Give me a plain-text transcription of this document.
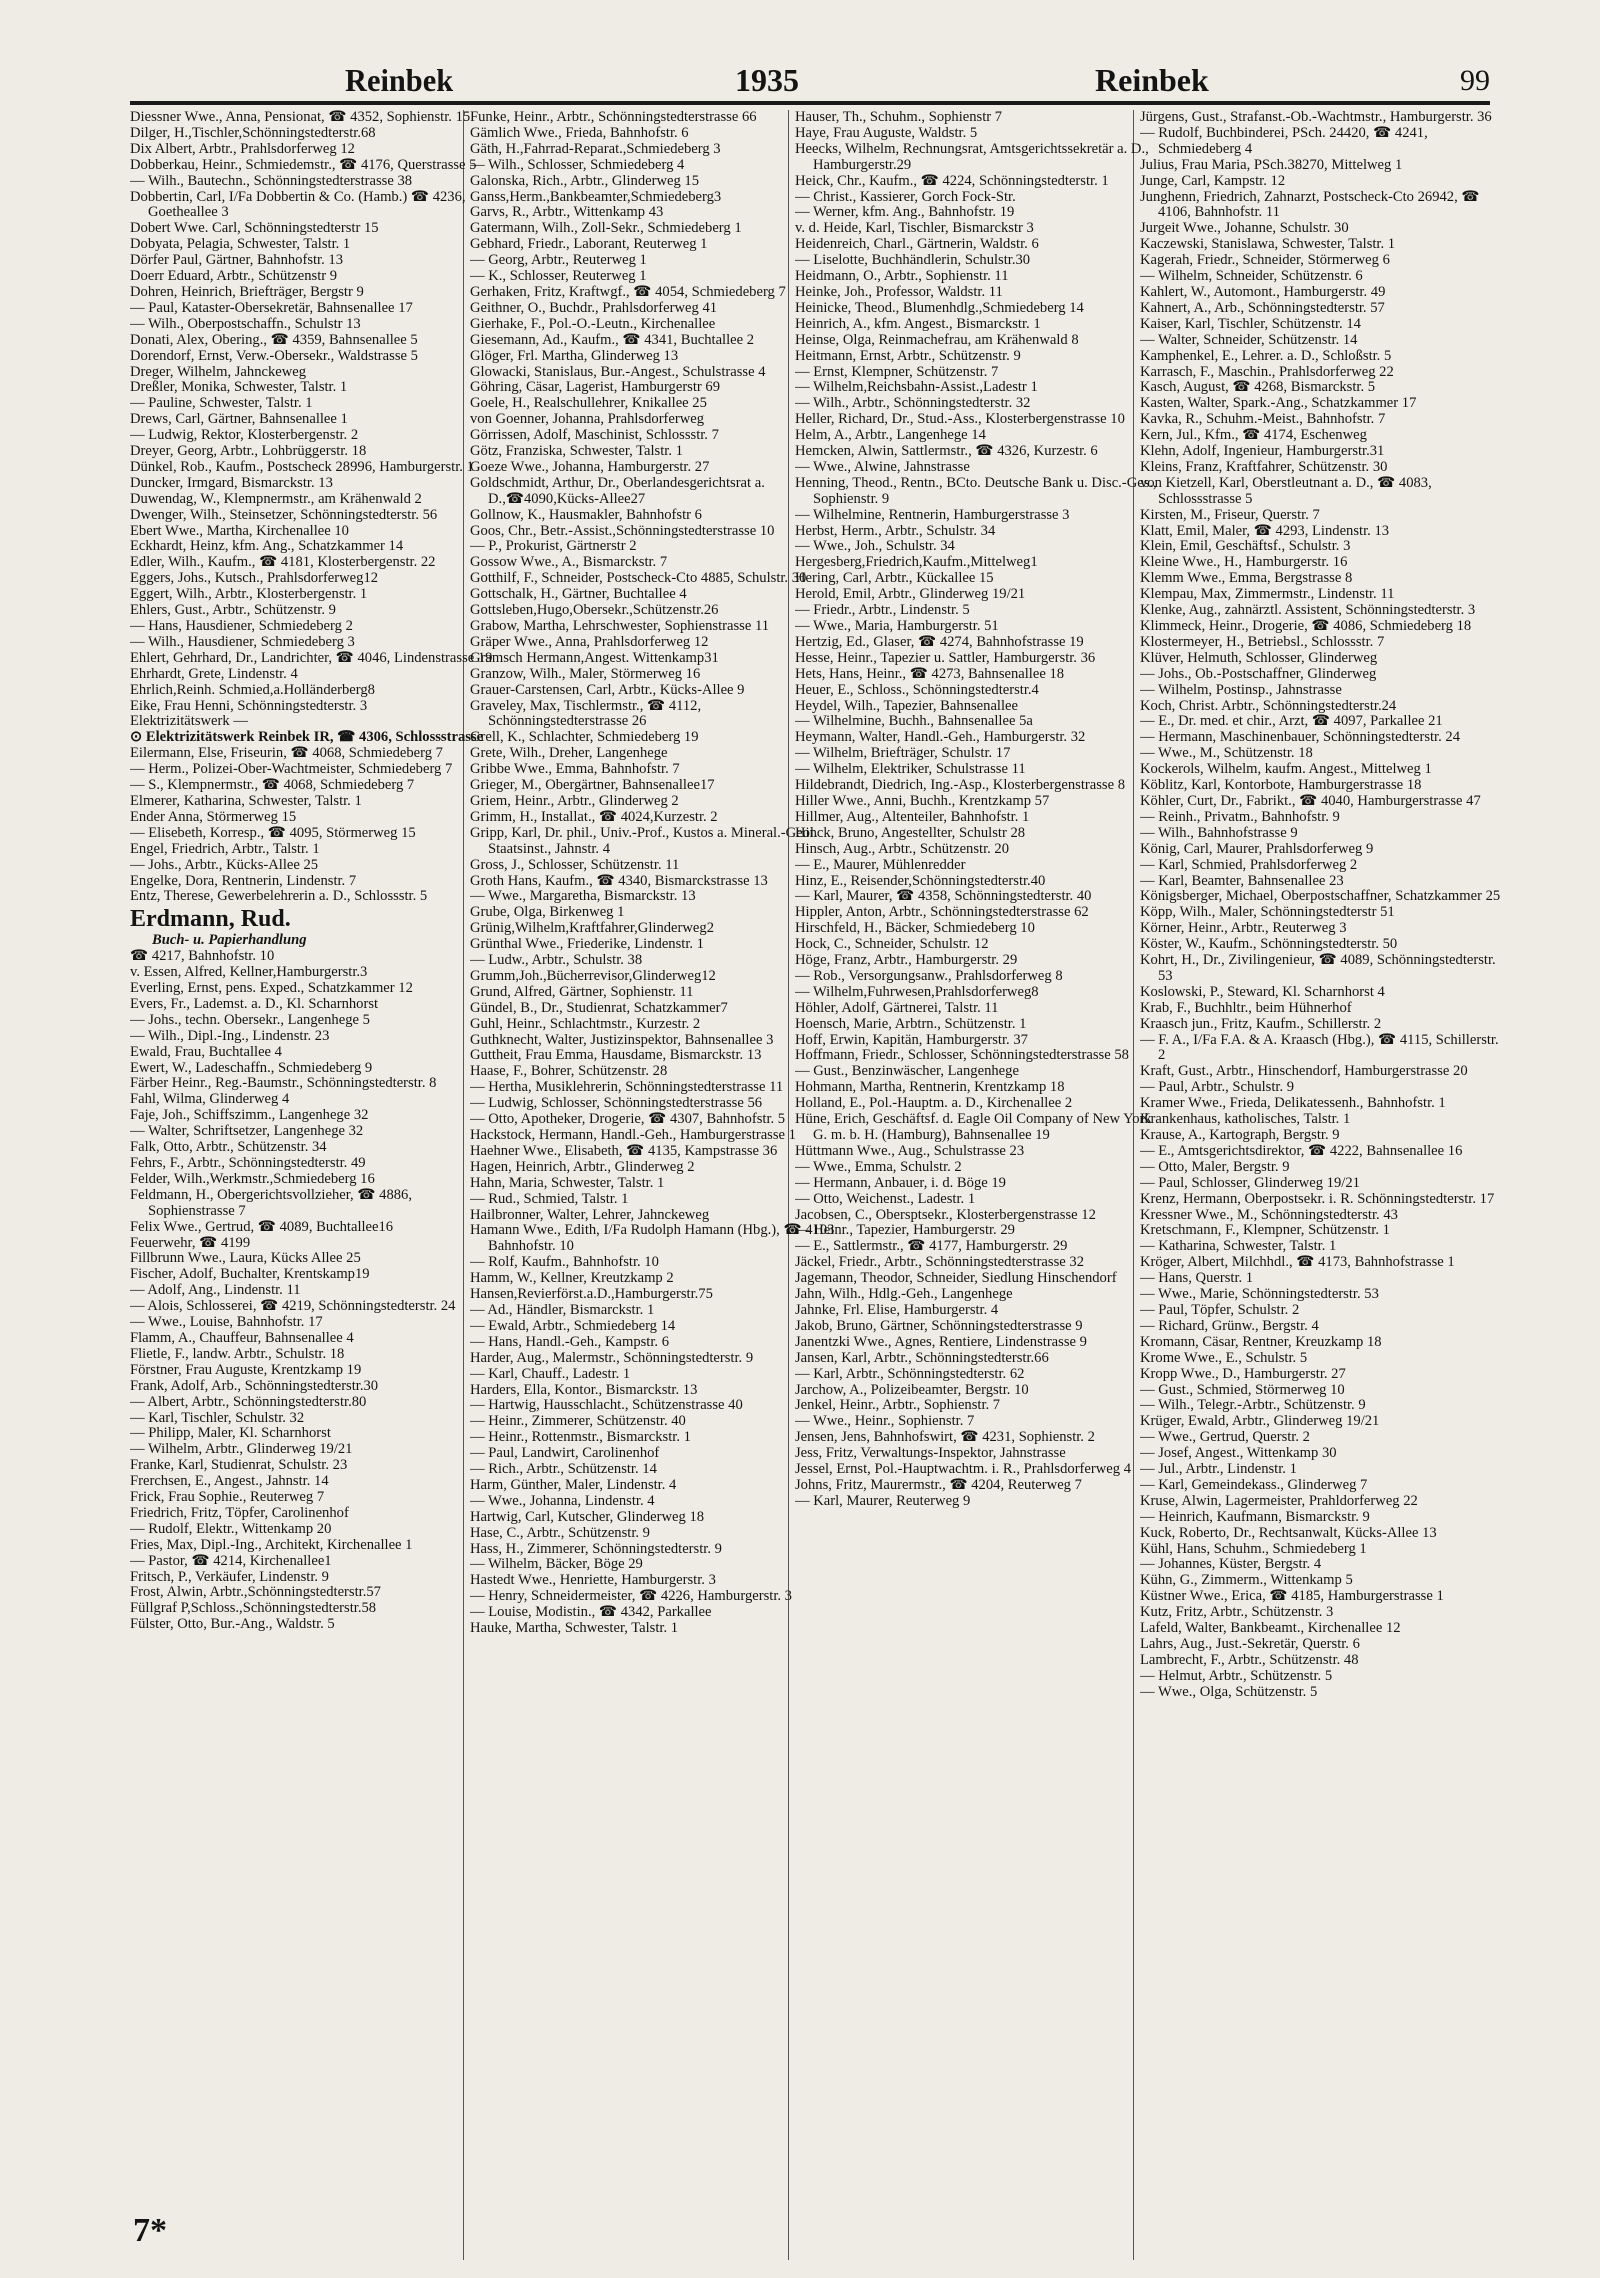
Reinbek	1935	Reinbek	99
Diessner Wwe., Anna, Pensionat, ☎ 4352, Sophienstr. 15
Dilger, H.,Tischler,Schönningstedterstr.68
Dix Albert, Arbtr., Prahlsdorferweg 12
Dobberkau, Heinr., Schmiedemstr., ☎ 4176, Querstrasse 5
— Wilh., Bautechn., Schönningstedterstrasse 38
Dobbertin, Carl, I/Fa Dobbertin & Co. (Hamb.) ☎ 4236, Goetheallee 3
Dobert Wwe. Carl, Schönningstedterstr 15
Dobyata, Pelagia, Schwester, Talstr. 1
Dörfer Paul, Gärtner, Bahnhofstr. 13
Doerr Eduard, Arbtr., Schützenstr 9
Dohren, Heinrich, Briefträger, Bergstr 9
— Paul, Kataster-Obersekretär, Bahnsenallee 17
— Wilh., Oberpostschaffn., Schulstr 13
Donati, Alex, Obering., ☎ 4359, Bahnsenallee 5
Dorendorf, Ernst, Verw.-Obersekr., Waldstrasse 5
Dreger, Wilhelm, Jahnckeweg
Dreßler, Monika, Schwester, Talstr. 1
— Pauline, Schwester, Talstr. 1
Drews, Carl, Gärtner, Bahnsenallee 1
— Ludwig, Rektor, Klosterbergenstr. 2
Dreyer, Georg, Arbtr., Lohbrüggerstr. 18
Dünkel, Rob., Kaufm., Postscheck 28996, Hamburgerstr. 1
Duncker, Irmgard, Bismarckstr. 13
Duwendag, W., Klempnermstr., am Krähenwald 2
Dwenger, Wilh., Steinsetzer, Schönningstedterstr. 56
Ebert Wwe., Martha, Kirchenallee 10
Eckhardt, Heinz, kfm. Ang., Schatzkammer 14
Edler, Wilh., Kaufm., ☎ 4181, Klosterbergenstr. 22
Eggers, Johs., Kutsch., Prahlsdorferweg12
Eggert, Wilh., Arbtr., Klosterbergenstr. 1
Ehlers, Gust., Arbtr., Schützenstr. 9
— Hans, Hausdiener, Schmiedeberg 2
— Wilh., Hausdiener, Schmiedeberg 3
Ehlert, Gehrhard, Dr., Landrichter, ☎ 4046, Lindenstrasse 19
Ehrhardt, Grete, Lindenstr. 4
Ehrlich,Reinh. Schmied,a.Holländerberg8
Eike, Frau Henni, Schönningstedterstr. 3
Elektrizitätswerk —
⊙ Elektrizitätswerk Reinbek IR, ☎ 4306, Schlossstrasse
Eilermann, Else, Friseurin, ☎ 4068, Schmiedeberg 7
— Herm., Polizei-Ober-Wachtmeister, Schmiedeberg 7
— S., Klempnermstr., ☎ 4068, Schmiedeberg 7
Elmerer, Katharina, Schwester, Talstr. 1
Ender Anna, Störmerweg 15
— Elisebeth, Korresp., ☎ 4095, Störmerweg 15
Engel, Friedrich, Arbtr., Talstr. 1
— Johs., Arbtr., Kücks-Allee 25
Engelke, Dora, Rentnerin, Lindenstr. 7
Entz, Therese, Gewerbelehrerin a. D., Schlossstr. 5
Erdmann, Rud.
Buch- u. Papierhandlung
☎ 4217, Bahnhofstr. 10
v. Essen, Alfred, Kellner,Hamburgerstr.3
Everling, Ernst, pens. Exped., Schatzkammer 12
Evers, Fr., Lademst. a. D., Kl. Scharnhorst
— Johs., techn. Obersekr., Langenhege 5
— Wilh., Dipl.-Ing., Lindenstr. 23
Ewald, Frau, Buchtallee 4
Ewert, W., Ladeschaffn., Schmiedeberg 9
Färber Heinr., Reg.-Baumstr., Schönningstedterstr. 8
Fahl, Wilma, Glinderweg 4
Faje, Joh., Schiffszimm., Langenhege 32
— Walter, Schriftsetzer, Langenhege 32
Falk, Otto, Arbtr., Schützenstr. 34
Fehrs, F., Arbtr., Schönningstedterstr. 49
Felder, Wilh.,Werkmstr.,Schmiedeberg 16
Feldmann, H., Obergerichtsvollzieher, ☎ 4886, Sophienstrasse 7
Felix Wwe., Gertrud, ☎ 4089, Buchtallee16
Feuerwehr, ☎ 4199
Fillbrunn Wwe., Laura, Kücks Allee 25
Fischer, Adolf, Buchalter, Krentskamp19
— Adolf, Ang., Lindenstr. 11
— Alois, Schlosserei, ☎ 4219, Schönningstedterstr. 24
— Wwe., Louise, Bahnhofstr. 17
Flamm, A., Chauffeur, Bahnsenallee 4
Flietle, F., landw. Arbtr., Schulstr. 18
Förstner, Frau Auguste, Krentzkamp 19
Frank, Adolf, Arb., Schönningstedterstr.30
— Albert, Arbtr., Schönningstedterstr.80
— Karl, Tischler, Schulstr. 32
— Philipp, Maler, Kl. Scharnhorst
— Wilhelm, Arbtr., Glinderweg 19/21
Franke, Karl, Studienrat, Schulstr. 23
Frerchsen, E., Angest., Jahnstr. 14
Frick, Frau Sophie., Reuterweg 7
Friedrich, Fritz, Töpfer, Carolinenhof
— Rudolf, Elektr., Wittenkamp 20
Fries, Max, Dipl.-Ing., Architekt, Kirchenallee 1
— Pastor, ☎ 4214, Kirchenallee1
Fritsch, P., Verkäufer, Lindenstr. 9
Frost, Alwin, Arbtr.,Schönningstedterstr.57
Füllgraf P,Schloss.,Schönningstedterstr.58
Fülster, Otto, Bur.-Ang., Waldstr. 5
Funke, Heinr., Arbtr., Schönningstedterstrasse 66
Gämlich Wwe., Frieda, Bahnhofstr. 6
Gäth, H.,Fahrrad-Reparat.,Schmiedeberg 3
— Wilh., Schlosser, Schmiedeberg 4
Galonska, Rich., Arbtr., Glinderweg 15
Ganss,Herm.,Bankbeamter,Schmiedeberg3
Garvs, R., Arbtr., Wittenkamp 43
Gatermann, Wilh., Zoll-Sekr., Schmiedeberg 1
Gebhard, Friedr., Laborant, Reuterweg 1
— Georg, Arbtr., Reuterweg 1
— K., Schlosser, Reuterweg 1
Gerhaken, Fritz, Kraftwgf., ☎ 4054, Schmiedeberg 7
Geithner, O., Buchdr., Prahlsdorferweg 41
Gierhake, F., Pol.-O.-Leutn., Kirchenallee
Giesemann, Ad., Kaufm., ☎ 4341, Buchtallee 2
Glöger, Frl. Martha, Glinderweg 13
Glowacki, Stanislaus, Bur.-Angest., Schulstrasse 4
Göhring, Cäsar, Lagerist, Hamburgerstr 69
Goele, H., Realschullehrer, Knikallee 25
von Goenner, Johanna, Prahlsdorferweg
Görrissen, Adolf, Maschinist, Schlossstr. 7
Götz, Franziska, Schwester, Talstr. 1
Goeze Wwe., Johanna, Hamburgerstr. 27
Goldschmidt, Arthur, Dr., Oberlandesgerichtsrat a. D.,☎4090,Kücks-Allee27
Gollnow, K., Hausmakler, Bahnhofstr 6
Goos, Chr., Betr.-Assist.,Schönningstedterstrasse 10
— P., Prokurist, Gärtnerstr 2
Gossow Wwe., A., Bismarckstr. 7
Gotthilf, F., Schneider, Postscheck-Cto 4885, Schulstr. 30
Gottschalk, H., Gärtner, Buchtallee 4
Gottsleben,Hugo,Obersekr.,Schützenstr.26
Grabow, Martha, Lehrschwester, Sophienstrasse 11
Gräper Wwe., Anna, Prahlsdorferweg 12
Gramsch Hermann,Angest. Wittenkamp31
Granzow, Wilh., Maler, Störmerweg 16
Grauer-Carstensen, Carl, Arbtr., Kücks-Allee 9
Graveley, Max, Tischlermstr., ☎ 4112, Schönningstedterstrasse 26
Grell, K., Schlachter, Schmiedeberg 19
Grete, Wilh., Dreher, Langenhege
Gribbe Wwe., Emma, Bahnhofstr. 7
Grieger, M., Obergärtner, Bahnsenallee17
Griem, Heinr., Arbtr., Glinderweg 2
Grimm, H., Installat., ☎ 4024,Kurzestr. 2
Gripp, Karl, Dr. phil., Univ.-Prof., Kustos a. Mineral.-Geol. Staatsinst., Jahnstr. 4
Gross, J., Schlosser, Schützenstr. 11
Groth Hans, Kaufm., ☎ 4340, Bismarckstrasse 13
— Wwe., Margaretha, Bismarckstr. 13
Grube, Olga, Birkenweg 1
Grünig,Wilhelm,Kraftfahrer,Glinderweg2
Grünthal Wwe., Friederike, Lindenstr. 1
— Ludw., Arbtr., Schulstr. 38
Grumm,Joh.,Bücherrevisor,Glinderweg12
Grund, Alfred, Gärtner, Sophienstr. 11
Gündel, B., Dr., Studienrat, Schatzkammer7
Guhl, Heinr., Schlachtmstr., Kurzestr. 2
Guthknecht, Walter, Justizinspektor, Bahnsenallee 3
Guttheit, Frau Emma, Hausdame, Bismarckstr. 13
Haase, F., Bohrer, Schützenstr. 28
— Hertha, Musiklehrerin, Schönningstedterstrasse 11
— Ludwig, Schlosser, Schönningstedterstrasse 56
— Otto, Apotheker, Drogerie, ☎ 4307, Bahnhofstr. 5
Hackstock, Hermann, Handl.-Geh., Hamburgerstrasse 1
Haehner Wwe., Elisabeth, ☎ 4135, Kampstrasse 36
Hagen, Heinrich, Arbtr., Glinderweg 2
Hahn, Maria, Schwester, Talstr. 1
— Rud., Schmied, Talstr. 1
Hailbronner, Walter, Lehrer, Jahnckeweg
Hamann Wwe., Edith, I/Fa Rudolph Hamann (Hbg.), ☎ 4103 Bahnhofstr. 10
— Rolf, Kaufm., Bahnhofstr. 10
Hamm, W., Kellner, Kreutzkamp 2
Hansen,Revierförst.a.D.,Hamburgerstr.75
— Ad., Händler, Bismarckstr. 1
— Ewald, Arbtr., Schmiedeberg 14
— Hans, Handl.-Geh., Kampstr. 6
Harder, Aug., Malermstr., Schönningstedterstr. 9
— Karl, Chauff., Ladestr. 1
Harders, Ella, Kontor., Bismarckstr. 13
— Hartwig, Hausschlacht., Schützenstrasse 40
— Heinr., Zimmerer, Schützenstr. 40
— Heinr., Rottenmstr., Bismarckstr. 1
— Paul, Landwirt, Carolinenhof
— Rich., Arbtr., Schützenstr. 14
Harm, Günther, Maler, Lindenstr. 4
— Wwe., Johanna, Lindenstr. 4
Hartwig, Carl, Kutscher, Glinderweg 18
Hase, C., Arbtr., Schützenstr. 9
Hass, H., Zimmerer, Schönningstedterstr. 9
— Wilhelm, Bäcker, Böge 29
Hastedt Wwe., Henriette, Hamburgerstr. 3
— Henry, Schneidermeister, ☎ 4226, Hamburgerstr. 3
— Louise, Modistin., ☎ 4342, Parkallee
Hauke, Martha, Schwester, Talstr. 1
Hauser, Th., Schuhm., Sophienstr 7
Haye, Frau Auguste, Waldstr. 5
Heecks, Wilhelm, Rechnungsrat, Amtsgerichtssekretär a. D., Hamburgerstr.29
Heick, Chr., Kaufm., ☎ 4224, Schönningstedterstr. 1
— Christ., Kassierer, Gorch Fock-Str.
— Werner, kfm. Ang., Bahnhofstr. 19
v. d. Heide, Karl, Tischler, Bismarckstr 3
Heidenreich, Charl., Gärtnerin, Waldstr. 6
— Liselotte, Buchhändlerin, Schulstr.30
Heidmann, O., Arbtr., Sophienstr. 11
Heinke, Joh., Professor, Waldstr. 11
Heinicke, Theod., Blumenhdlg.,Schmiedeberg 14
Heinrich, A., kfm. Angest., Bismarckstr. 1
Heinse, Olga, Reinmachefrau, am Krähenwald 8
Heitmann, Ernst, Arbtr., Schützenstr. 9
— Ernst, Klempner, Schützenstr. 7
— Wilhelm,Reichsbahn-Assist.,Ladestr 1
— Wilh., Arbtr., Schönningstedterstr. 32
Heller, Richard, Dr., Stud.-Ass., Klosterbergenstrasse 10
Helm, A., Arbtr., Langenhege 14
Hemcken, Alwin, Sattlermstr., ☎ 4326, Kurzestr. 6
— Wwe., Alwine, Jahnstrasse
Henning, Theod., Rentn., BCto. Deutsche Bank u. Disc.-Ges., Sophienstr. 9
— Wilhelmine, Rentnerin, Hamburgerstrasse 3
Herbst, Herm., Arbtr., Schulstr. 34
— Wwe., Joh., Schulstr. 34
Hergesberg,Friedrich,Kaufm.,Mittelweg1
Hering, Carl, Arbtr., Kückallee 15
Herold, Emil, Arbtr., Glinderweg 19/21
— Friedr., Arbtr., Lindenstr. 5
— Wwe., Maria, Hamburgerstr. 51
Hertzig, Ed., Glaser, ☎ 4274, Bahnhofstrasse 19
Hesse, Heinr., Tapezier u. Sattler, Hamburgerstr. 36
Hets, Hans, Heinr., ☎ 4273, Bahnsenallee 18
Heuer, E., Schloss., Schönningstedterstr.4
Heydel, Wilh., Tapezier, Bahnsenallee
— Wilhelmine, Buchh., Bahnsenallee 5a
Heymann, Walter, Handl.-Geh., Hamburgerstr. 32
— Wilhelm, Briefträger, Schulstr. 17
— Wilhelm, Elektriker, Schulstrasse 11
Hildebrandt, Diedrich, Ing.-Asp., Klosterbergenstrasse 8
Hiller Wwe., Anni, Buchh., Krentzkamp 57
Hillmer, Aug., Altenteiler, Bahnhofstr. 1
Hinck, Bruno, Angestellter, Schulstr 28
Hinsch, Aug., Arbtr., Schützenstr. 20
— E., Maurer, Mühlenredder
Hinz, E., Reisender,Schönningstedterstr.40
— Karl, Maurer, ☎ 4358, Schönningstedterstr. 40
Hippler, Anton, Arbtr., Schönningstedterstrasse 62
Hirschfeld, H., Bäcker, Schmiedeberg 10
Hock, C., Schneider, Schulstr. 12
Höge, Franz, Arbtr., Hamburgerstr. 29
— Rob., Versorgungsanw., Prahlsdorferweg 8
— Wilhelm,Fuhrwesen,Prahlsdorferweg8
Höhler, Adolf, Gärtnerei, Talstr. 11
Hoensch, Marie, Arbtrn., Schützenstr. 1
Hoff, Erwin, Kapitän, Hamburgerstr. 37
Hoffmann, Friedr., Schlosser, Schönningstedterstrasse 58
— Gust., Benzinwäscher, Langenhege
Hohmann, Martha, Rentnerin, Krentzkamp 18
Holland, E., Pol.-Hauptm. a. D., Kirchenallee 2
Hüne, Erich, Geschäftsf. d. Eagle Oil Company of New York G. m. b. H. (Hamburg), Bahnsenallee 19
Hüttmann Wwe., Aug., Schulstrasse 23
— Wwe., Emma, Schulstr. 2
— Hermann, Anbauer, i. d. Böge 19
— Otto, Weichenst., Ladestr. 1
Jacobsen, C., Obersptsekr., Klosterbergenstrasse 12
— Heinr., Tapezier, Hamburgerstr. 29
— E., Sattlermstr., ☎ 4177, Hamburgerstr. 29
Jäckel, Friedr., Arbtr., Schönningstedterstrasse 32
Jagemann, Theodor, Schneider, Siedlung Hinschendorf
Jahn, Wilh., Hdlg.-Geh., Langenhege
Jahnke, Frl. Elise, Hamburgerstr. 4
Jakob, Bruno, Gärtner, Schönningstedterstrasse 9
Janentzki Wwe., Agnes, Rentiere, Lindenstrasse 9
Jansen, Karl, Arbtr., Schönningstedterstr.66
— Karl, Arbtr., Schönningstedterstr. 62
Jarchow, A., Polizeibeamter, Bergstr. 10
Jenkel, Heinr., Arbtr., Sophienstr. 7
— Wwe., Heinr., Sophienstr. 7
Jensen, Jens, Bahnhofswirt, ☎ 4231, Sophienstr. 2
Jess, Fritz, Verwaltungs-Inspektor, Jahnstrasse
Jessel, Ernst, Pol.-Hauptwachtm. i. R., Prahlsdorferweg 4
Johns, Fritz, Maurermstr., ☎ 4204, Reuterweg 7
— Karl, Maurer, Reuterweg 9
Jürgens, Gust., Strafanst.-Ob.-Wachtmstr., Hamburgerstr. 36
— Rudolf, Buchbinderei, PSch. 24420, ☎ 4241, Schmiedeberg 4
Julius, Frau Maria, PSch.38270, Mittelweg 1
Junge, Carl, Kampstr. 12
Junghenn, Friedrich, Zahnarzt, Postscheck-Cto 26942, ☎ 4106, Bahnhofstr. 11
Jurgeit Wwe., Johanne, Schulstr. 30
Kaczewski, Stanislawa, Schwester, Talstr. 1
Kagerah, Friedr., Schneider, Störmerweg 6
— Wilhelm, Schneider, Schützenstr. 6
Kahlert, W., Automont., Hamburgerstr. 49
Kahnert, A., Arb., Schönningstedterstr. 57
Kaiser, Karl, Tischler, Schützenstr. 14
— Walter, Schneider, Schützenstr. 14
Kamphenkel, E., Lehrer. a. D., Schloßstr. 5
Karrasch, F., Maschin., Prahlsdorferweg 22
Kasch, August, ☎ 4268, Bismarckstr. 5
Kasten, Walter, Spark.-Ang., Schatzkammer 17
Kavka, R., Schuhm.-Meist., Bahnhofstr. 7
Kern, Jul., Kfm., ☎ 4174, Eschenweg
Klehn, Adolf, Ingenieur, Hamburgerstr.31
Kleins, Franz, Kraftfahrer, Schützenstr. 30
von Kietzell, Karl, Oberstleutnant a. D., ☎ 4083, Schlossstrasse 5
Kirsten, M., Friseur, Querstr. 7
Klatt, Emil, Maler, ☎ 4293, Lindenstr. 13
Klein, Emil, Geschäftsf., Schulstr. 3
Kleine Wwe., H., Hamburgerstr. 16
Klemm Wwe., Emma, Bergstrasse 8
Klempau, Max, Zimmermstr., Lindenstr. 11
Klenke, Aug., zahnärztl. Assistent, Schönningstedterstr. 3
Klimmeck, Heinr., Drogerie, ☎ 4086, Schmiedeberg 18
Klostermeyer, H., Betriebsl., Schlossstr. 7
Klüver, Helmuth, Schlosser, Glinderweg
— Johs., Ob.-Postschaffner, Glinderweg
— Wilhelm, Postinsp., Jahnstrasse
Koch, Christ. Arbtr., Schönningstedterstr.24
— E., Dr. med. et chir., Arzt, ☎ 4097, Parkallee 21
— Hermann, Maschinenbauer, Schönningstedterstr. 24
— Wwe., M., Schützenstr. 18
Kockerols, Wilhelm, kaufm. Angest., Mittelweg 1
Köblitz, Karl, Kontorbote, Hamburgerstrasse 18
Köhler, Curt, Dr., Fabrikt., ☎ 4040, Hamburgerstrasse 47
— Reinh., Privatm., Bahnhofstr. 9
— Wilh., Bahnhofstrasse 9
König, Carl, Maurer, Prahlsdorferweg 9
— Karl, Schmied, Prahlsdorferweg 2
— Karl, Beamter, Bahnsenallee 23
Königsberger, Michael, Oberpostschaffner, Schatzkammer 25
Köpp, Wilh., Maler, Schönningstedterstr 51
Körner, Heinr., Arbtr., Reuterweg 3
Köster, W., Kaufm., Schönningstedterstr. 50
Kohrt, H., Dr., Zivilingenieur, ☎ 4089, Schönningstedterstr. 53
Koslowski, P., Steward, Kl. Scharnhorst 4
Krab, F., Buchhltr., beim Hühnerhof
Kraasch jun., Fritz, Kaufm., Schillerstr. 2
— F. A., I/Fa F.A. & A. Kraasch (Hbg.), ☎ 4115, Schillerstr. 2
Kraft, Gust., Arbtr., Hinschendorf, Hamburgerstrasse 20
— Paul, Arbtr., Schulstr. 9
Kramer Wwe., Frieda, Delikatessenh., Bahnhofstr. 1
Krankenhaus, katholisches, Talstr. 1
Krause, A., Kartograph, Bergstr. 9
— E., Amtsgerichtsdirektor, ☎ 4222, Bahnsenallee 16
— Otto, Maler, Bergstr. 9
— Paul, Schlosser, Glinderweg 19/21
Krenz, Hermann, Oberpostsekr. i. R. Schönningstedterstr. 17
Kressner Wwe., M., Schönningstedterstr. 43
Kretschmann, F., Klempner, Schützenstr. 1
— Katharina, Schwester, Talstr. 1
Kröger, Albert, Milchhdl., ☎ 4173, Bahnhofstrasse 1
— Hans, Querstr. 1
— Wwe., Marie, Schönningstedterstr. 53
— Paul, Töpfer, Schulstr. 2
— Richard, Grünw., Bergstr. 4
Kromann, Cäsar, Rentner, Kreuzkamp 18
Krome Wwe., E., Schulstr. 5
Kropp Wwe., D., Hamburgerstr. 27
— Gust., Schmied, Störmerweg 10
— Wilh., Telegr.-Arbtr., Schützenstr. 9
Krüger, Ewald, Arbtr., Glinderweg 19/21
— Wwe., Gertrud, Querstr. 2
— Josef, Angest., Wittenkamp 30
— Jul., Arbtr., Lindenstr. 1
— Karl, Gemeindekass., Glinderweg 7
Kruse, Alwin, Lagermeister, Prahldorferweg 22
— Heinrich, Kaufmann, Bismarckstr. 9
Kuck, Roberto, Dr., Rechtsanwalt, Kücks-Allee 13
Kühl, Hans, Schuhm., Schmiedeberg 1
— Johannes, Küster, Bergstr. 4
Kühn, G., Zimmerm., Wittenkamp 5
Küstner Wwe., Erica, ☎ 4185, Hamburgerstrasse 1
Kutz, Fritz, Arbtr., Schützenstr. 3
Lafeld, Walter, Bankbeamt., Kirchenallee 12
Lahrs, Aug., Just.-Sekretär, Querstr. 6
Lambrecht, F., Arbtr., Schützenstr. 48
— Helmut, Arbtr., Schützenstr. 5
— Wwe., Olga, Schützenstr. 5
7*
